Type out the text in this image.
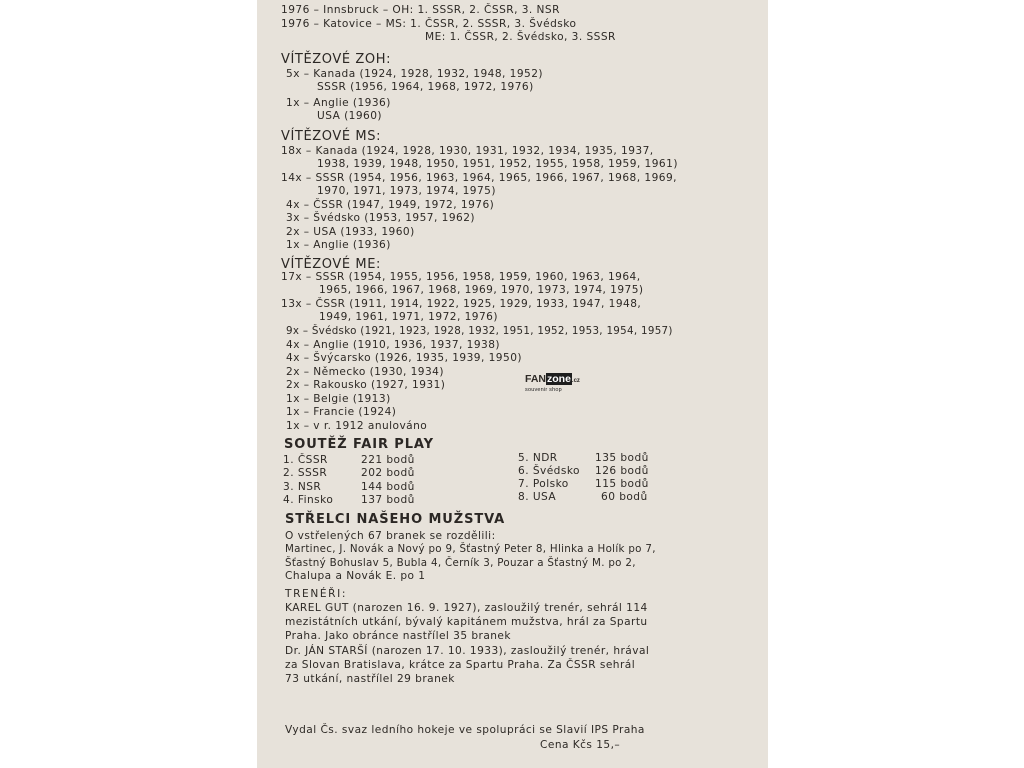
1976 – Innsbruck – OH: 1. SSSR, 2. ČSSR, 3. NSR
1976 – Katovice – MS: 1. ČSSR, 2. SSSR, 3. Švédsko
ME: 1. ČSSR, 2. Švédsko, 3. SSSR
VÍTĚZOVÉ ZOH:
5x – Kanada (1924, 1928, 1932, 1948, 1952)
SSSR (1956, 1964, 1968, 1972, 1976)
1x – Anglie (1936)
USA (1960)
VÍTĚZOVÉ MS:
18x – Kanada (1924, 1928, 1930, 1931, 1932, 1934, 1935, 1937,
1938, 1939, 1948, 1950, 1951, 1952, 1955, 1958, 1959, 1961)
14x – SSSR (1954, 1956, 1963, 1964, 1965, 1966, 1967, 1968, 1969,
1970, 1971, 1973, 1974, 1975)
4x – ČSSR (1947, 1949, 1972, 1976)
3x – Švédsko (1953, 1957, 1962)
2x – USA (1933, 1960)
1x – Anglie (1936)
VÍTĚZOVÉ ME:
17x – SSSR (1954, 1955, 1956, 1958, 1959, 1960, 1963, 1964,
1965, 1966, 1967, 1968, 1969, 1970, 1973, 1974, 1975)
13x – ČSSR (1911, 1914, 1922, 1925, 1929, 1933, 1947, 1948,
1949, 1961, 1971, 1972, 1976)
9x – Švédsko (1921, 1923, 1928, 1932, 1951, 1952, 1953, 1954, 1957)
4x – Anglie (1910, 1936, 1937, 1938)
4x – Švýcarsko (1926, 1935, 1939, 1950)
2x – Německo (1930, 1934)
2x – Rakousko (1927, 1931)
1x – Belgie (1913)
1x – Francie (1924)
1x – v r. 1912 anulováno
FANzone.cz
souvenir shop
SOUTĚŽ FAIR PLAY
1. ČSSR	221 bodů
2. SSSR	202 bodů
3. NSR	144 bodů
4. Finsko	137 bodů
5. NDR	135 bodů
6. Švédsko 126 bodů
7. Polsko 115 bodů
8. USA	60 bodů
STŘELCI NAŠEHO MUŽSTVA
O vstřelených 67 branek se rozdělili:
Martinec, J. Novák a Nový po 9, Šťastný Peter 8, Hlinka a Holík po 7,
Šťastný Bohuslav 5, Bubla 4, Černík 3, Pouzar a Šťastný M. po 2,
Chalupa a Novák E. po 1
TRENÉŘI:
KAREL GUT (narozen 16. 9. 1927), zasloužilý trenér, sehrál 114
mezistátních utkání, bývalý kapitánem mužstva, hrál za Spartu
Praha. Jako obránce nastřílel 35 branek
Dr. JÁN STARŠÍ (narozen 17. 10. 1933), zasloužilý trenér, hrával
za Slovan Bratislava, krátce za Spartu Praha. Za ČSSR sehrál
73 utkání, nastřílel 29 branek
Vydal Čs. svaz ledního hokeje ve spolupráci se Slavií IPS Praha
Cena Kčs 15,–
